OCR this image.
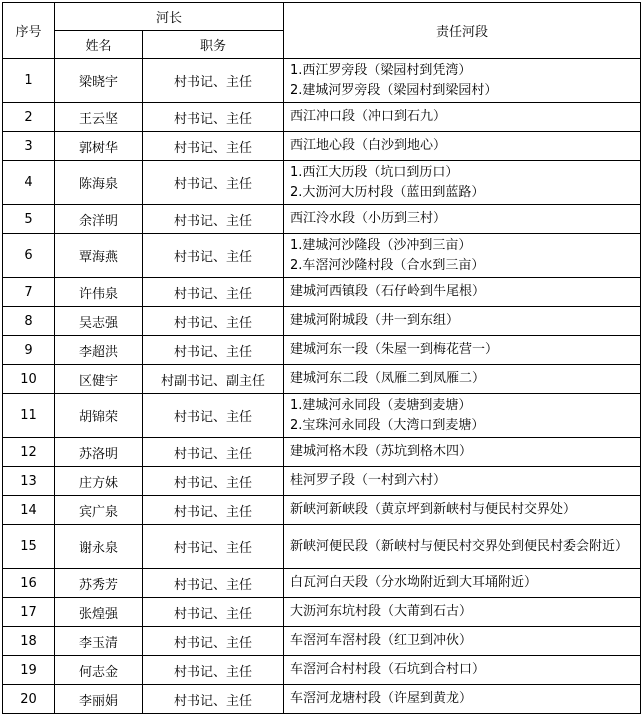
序号	河长		责任河段
	姓名	职务	
1	梁晓宇	村书记、主任	1.西江罗旁段（梁园村到凭湾）
2.建城河罗旁段（梁园村到梁园村）

2	王云坚	村书记、主任	西江冲口段（冲口到石九）

3	郭树华	村书记、主任	西江地心段（白沙到地心）

4	陈海泉	村书记、主任	1.西江大历段（坑口到历口）
2.大沥河大历村段（蓝田到蓝路）

5	余洋明	村书记、主任	西江泠水段（小历到三村）

6	覃海燕	村书记、主任	1.建城河沙隆段（沙冲到三亩）
2.车滘河沙隆村段（合水到三亩）

7	许伟泉	村书记、主任	建城河西镇段（石仔岭到牛尾根）

8	吴志强	村书记、主任	建城河附城段（井一到东组）

9	李超洪	村书记、主任	建城河东一段（朱屋一到梅花营一）

10	区健宇	村副书记、副主任	建城河东二段（凤雁二到凤雁二）

11	胡锦荣	村书记、主任	1.建城河永同段（麦塘到麦塘）
2.宝珠河永同段（大湾口到麦塘）

12	苏洛明	村书记、主任	建城河格木段（苏坑到格木四）

13	庄方妹	村书记、主任	桂河罗子段（一村到六村）

14	宾广泉	村书记、主任	新峡河新峡段（黄京坪到新峡村与便民村交界处）

15	谢永泉	村书记、主任	新峡河便民段（新峡村与便民村交界处到便民村委会附近）

16	苏秀芳	村书记、主任	白瓦河白天段（分水坳附近到大耳埇附近）

17	张煌强	村书记、主任	大沥河东坑村段（大莆到石古）

18	李玉清	村书记、主任	车滘河车滘村段（红卫到冲伙）

19	何志金	村书记、主任	车滘河合村村段（石坑到合村口）

20	李丽娟	村书记、主任	车滘河龙塘村段（许屋到黄龙）
